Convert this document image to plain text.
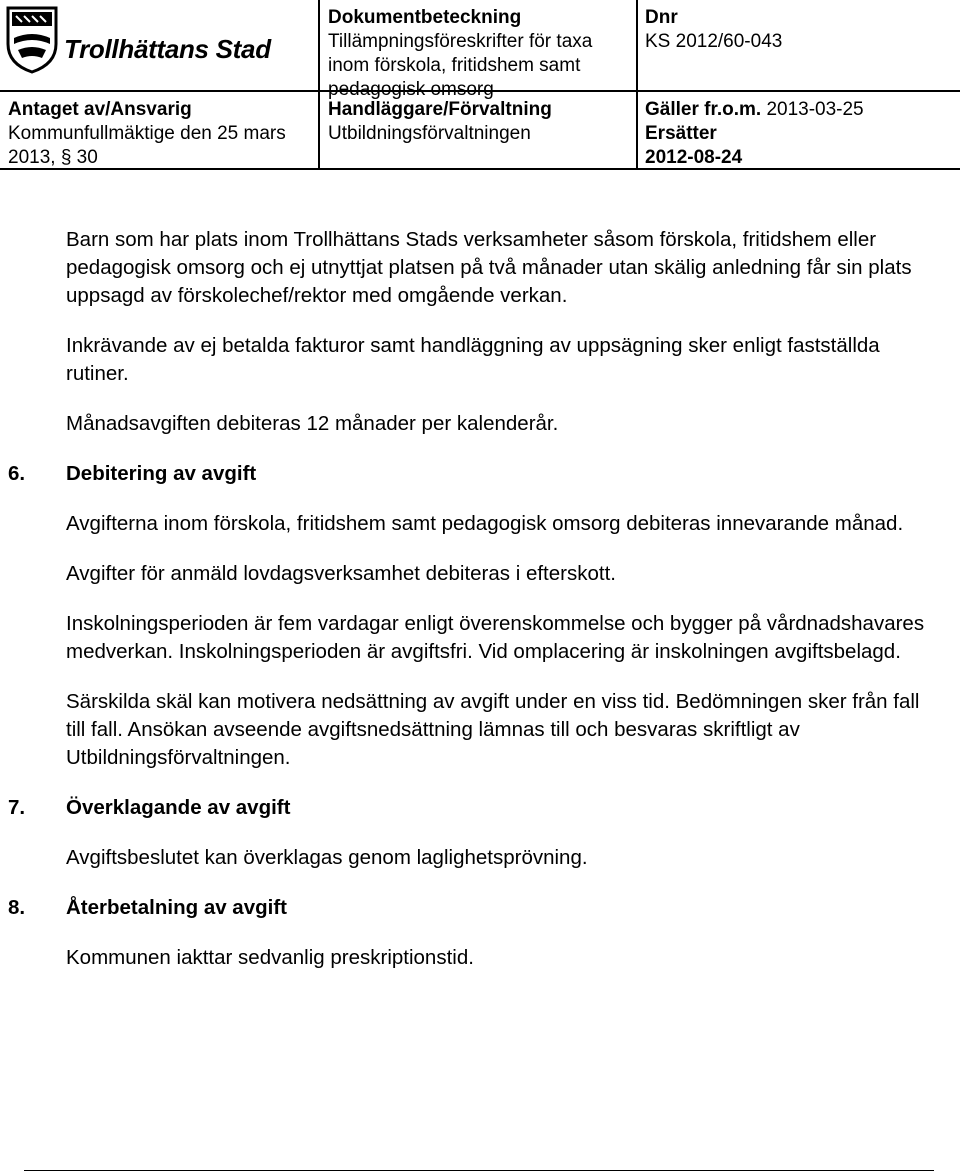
Trollhättans Stad
Dokumentbeteckning
Tillämpningsföreskrifter för taxa inom förskola, fritidshem samt pedagogisk omsorg
Dnr
KS 2012/60-043
Antaget av/Ansvarig
Kommunfullmäktige den 25 mars
2013, § 30
Handläggare/Förvaltning
Utbildningsförvaltningen
Gäller fr.o.m. 2013-03-25
Ersätter
2012-08-24

Barn som har plats inom Trollhättans Stads verksamheter såsom förskola, fritidshem eller pedagogisk omsorg och ej utnyttjat platsen på två månader utan skälig anledning får sin plats uppsagd av förskolechef/rektor med omgående verkan.

Inkrävande av ej betalda fakturor samt handläggning av uppsägning sker enligt fastställda rutiner.

Månadsavgiften debiteras 12 månader per kalenderår.

6. Debitering av avgift

Avgifterna inom förskola, fritidshem samt pedagogisk omsorg debiteras innevarande månad.

Avgifter för anmäld lovdagsverksamhet debiteras i efterskott.

Inskolningsperioden är fem vardagar enligt överenskommelse och bygger på vårdnadshavares medverkan. Inskolningsperioden är avgiftsfri. Vid omplacering är inskolningen avgiftsbelagd.

Särskilda skäl kan motivera nedsättning av avgift under en viss tid. Bedömningen sker från fall till fall. Ansökan avseende avgiftsnedsättning lämnas till och besvaras skriftligt av Utbildningsförvaltningen.

7. Överklagande av avgift

Avgiftsbeslutet kan överklagas genom laglighetsprövning.

8. Återbetalning av avgift

Kommunen iakttar sedvanlig preskriptionstid.
